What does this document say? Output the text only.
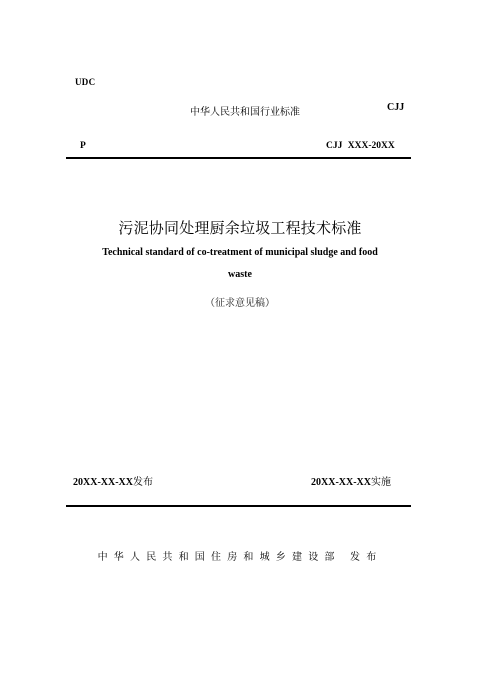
UDC
中华人民共和国行业标准	CJJ
P	CJJ XXX-20XX
污泥协同处理厨余垃圾工程技术标准
Technical standard of co-treatment of municipal sludge and food
waste
（征求意见稿）
20XX-XX-XX发布	20XX-XX-XX实施
中华人民共和国住房和城乡建设部 发布
